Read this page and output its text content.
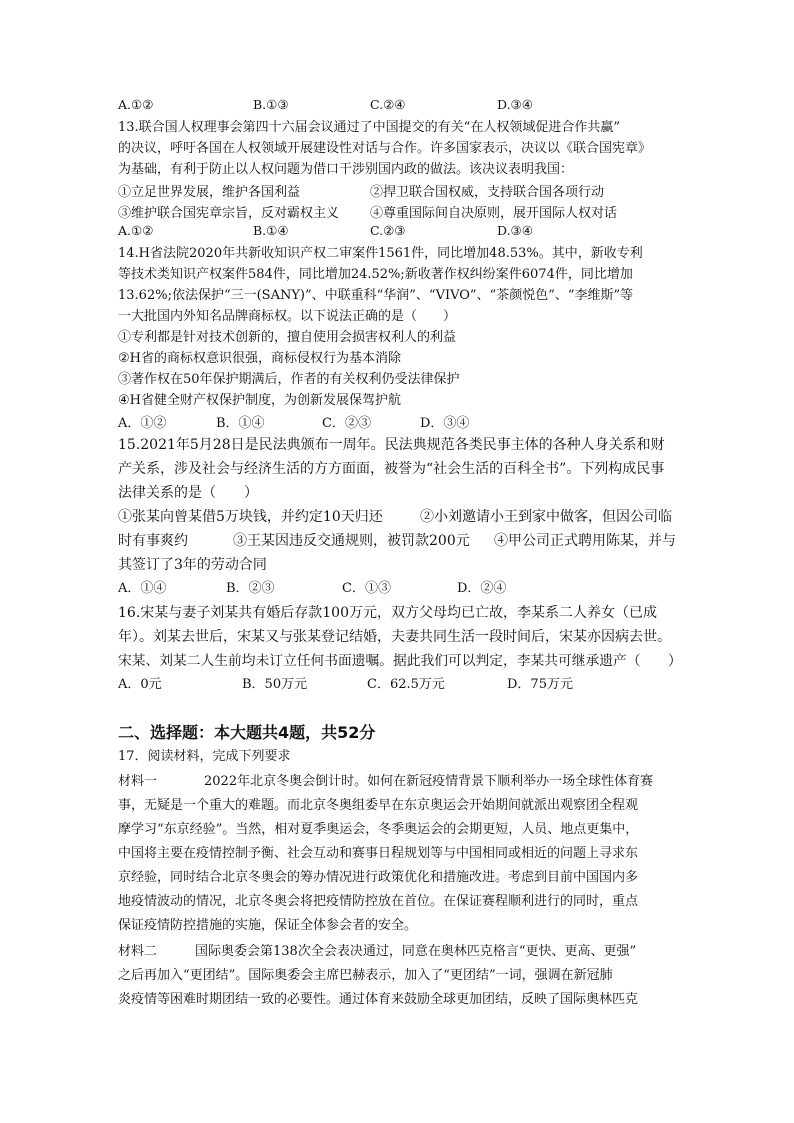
A.①②	B.①③	C.②④	D.③④
13.联合国人权理事会第四十六届会议通过了中国提交的有关“在人权领域促进合作共赢”
的决议，呼吁各国在人权领域开展建设性对话与合作。许多国家表示，决议以《联合国宪章》
为基础，有利于防止以人权问题为借口干涉别国内政的做法。该决议表明我国：
①立足世界发展，维护各国利益	②捍卫联合国权威，支持联合国各项行动
③维护联合国宪章宗旨，反对霸权主义 ④尊重国际间自决原则，展开国际人权对话
A.①②	B.①④	C.②③	D.③④
14.H省法院2020年共新收知识产权二审案件1561件，同比增加48.53%。其中，新收专利
等技术类知识产权案件584件，同比增加24.52%;新收著作权纠纷案件6074件，同比增加
13.62%;依法保护“三一(SANY)”、中联重科“华润”、“VIVO”、“茶颜悦色”、“李维斯”等
一大批国内外知名品牌商标权。以下说法正确的是（　　）
①专利都是针对技术创新的，擅自使用会损害权利人的利益
②H省的商标权意识很强，商标侵权行为基本消除
③著作权在50年保护期满后，作者的有关权利仍受法律保护
④H省健全财产权保护制度，为创新发展保驾护航
A．①②	B．①④	C．②③	D．③④
15.2021年5月28日是民法典颁布一周年。民法典规范各类民事主体的各种人身关系和财
产关系，涉及社会与经济生活的方方面面，被誉为“社会生活的百科全书”。下列构成民事
法律关系的是（　　）
①张某向曾某借5万块钱，并约定10天归还	②小刘邀请小王到家中做客，但因公司临
时有事爽约	③王某因违反交通规则，被罚款200元 ④甲公司正式聘用陈某，并与
其签订了3年的劳动合同
A．①④	B．②③	C．①③	D．②④
16.宋某与妻子刘某共有婚后存款100万元，双方父母均已亡故，李某系二人养女（已成
年）。刘某去世后，宋某又与张某登记结婚，夫妻共同生活一段时间后，宋某亦因病去世。
宋某、刘某二人生前均未订立任何书面遗嘱。据此我们可以判定，李某共可继承遗产（　　）
A．0元	B．50万元	C．62.5万元	D．75万元
二、选择题：本大题共4题，共52分
17．阅读材料，完成下列要求
材料一	2022年北京冬奥会倒计时。如何在新冠疫情背景下顺利举办一场全球性体育赛
事，无疑是一个重大的难题。而北京冬奥组委早在东京奥运会开始期间就派出观察团全程观
摩学习“东京经验”。当然，相对夏季奥运会，冬季奥运会的会期更短，人员、地点更集中，
中国将主要在疫情控制予衡、社会互动和赛事日程规划等与中国相同或相近的问题上寻求东
京经验，同时结合北京冬奥会的筹办情况进行政策优化和措施改进。考虑到目前中国国内多
地疫情波动的情况，北京冬奥会将把疫情防控放在首位。在保证赛程顺利进行的同时，重点
保证疫情防控措施的实施，保证全体参会者的安全。
材料二	国际奥委会第138次全会表决通过，同意在奥林匹克格言“更快、更高、更强”
之后再加入“更团结”。国际奥委会主席巴赫表示，加入了“更团结”一词，强调在新冠肺
炎疫情等困难时期团结一致的必要性。通过体育来鼓励全球更加团结，反映了国际奥林匹克
